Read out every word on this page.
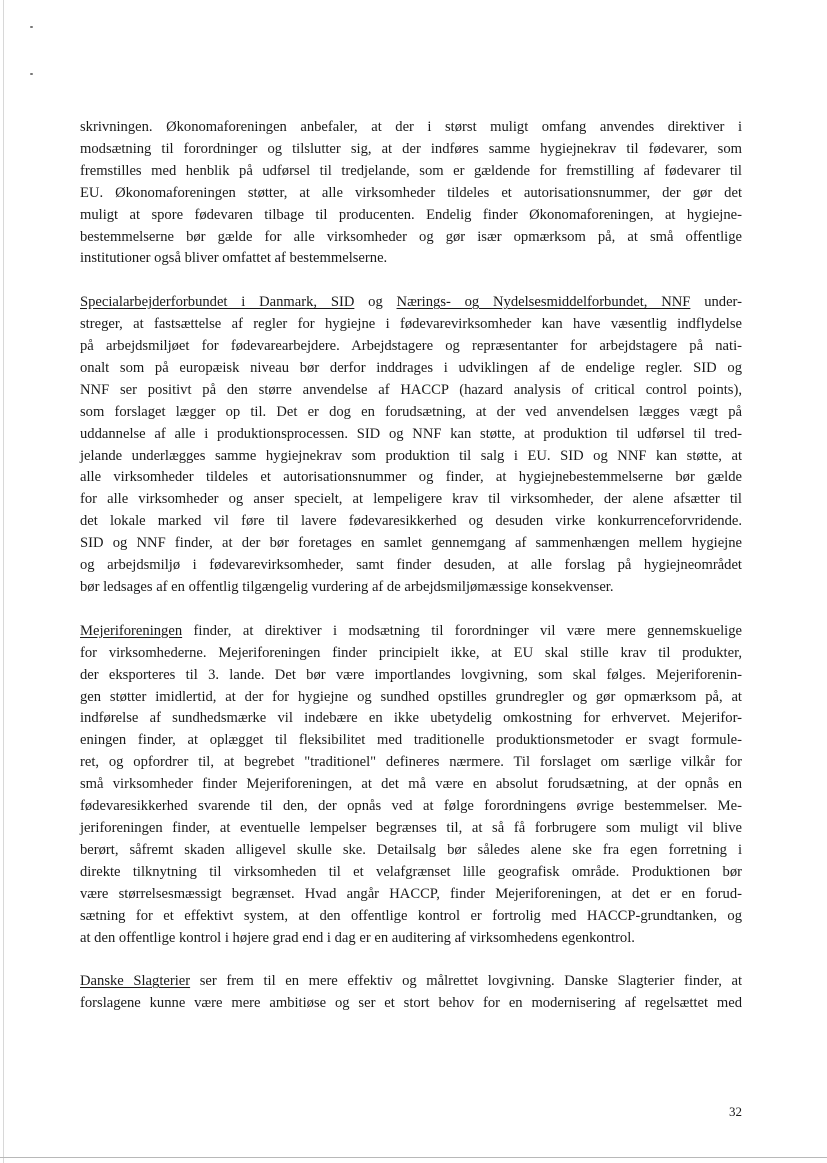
skrivningen. Økonomaforeningen anbefaler, at der i størst muligt omfang anvendes direktiver i
modsætning til forordninger og tilslutter sig, at der indføres samme hygiejnekrav til fødevarer, som
fremstilles med henblik på udførsel til tredjelande, som er gældende for fremstilling af fødevarer til
EU. Økonomaforeningen støtter, at alle virksomheder tildeles et autorisationsnummer, der gør det
muligt at spore fødevaren tilbage til producenten. Endelig finder Økonomaforeningen, at hygiejne-
bestemmelserne bør gælde for alle virksomheder og gør især opmærksom på, at små offentlige
institutioner også bliver omfattet af bestemmelserne.

Specialarbejderforbundet i Danmark, SID og Nærings- og Nydelsesmiddelforbundet, NNF under-
streger, at fastsættelse af regler for hygiejne i fødevarevirksomheder kan have væsentlig indflydelse
på arbejdsmiljøet for fødevarearbejdere. Arbejdstagere og repræsentanter for arbejdstagere på nati-
onalt som på europæisk niveau bør derfor inddrages i udviklingen af de endelige regler. SID og
NNF ser positivt på den større anvendelse af HACCP (hazard analysis of critical control points),
som forslaget lægger op til. Det er dog en forudsætning, at der ved anvendelsen lægges vægt på
uddannelse af alle i produktionsprocessen. SID og NNF kan støtte, at produktion til udførsel til tred-
jelande underlægges samme hygiejnekrav som produktion til salg i EU. SID og NNF kan støtte, at
alle virksomheder tildeles et autorisationsnummer og finder, at hygiejnebestemmelserne bør gælde
for alle virksomheder og anser specielt, at lempeligere krav til virksomheder, der alene afsætter til
det lokale marked vil føre til lavere fødevaresikkerhed og desuden virke konkurrenceforvridende.
SID og NNF finder, at der bør foretages en samlet gennemgang af sammenhængen mellem hygiejne
og arbejdsmiljø i fødevarevirksomheder, samt finder desuden, at alle forslag på hygiejneområdet
bør ledsages af en offentlig tilgængelig vurdering af de arbejdsmiljømæssige konsekvenser.

Mejeriforeningen finder, at direktiver i modsætning til forordninger vil være mere gennemskuelige
for virksomhederne. Mejeriforeningen finder principielt ikke, at EU skal stille krav til produkter,
der eksporteres til 3. lande. Det bør være importlandes lovgivning, som skal følges. Mejeriforenin-
gen støtter imidlertid, at der for hygiejne og sundhed opstilles grundregler og gør opmærksom på, at
indførelse af sundhedsmærke vil indebære en ikke ubetydelig omkostning for erhvervet. Mejerifor-
eningen finder, at oplægget til fleksibilitet med traditionelle produktionsmetoder er svagt formule-
ret, og opfordrer til, at begrebet "traditionel" defineres nærmere. Til forslaget om særlige vilkår for
små virksomheder finder Mejeriforeningen, at det må være en absolut forudsætning, at der opnås en
fødevaresikkerhed svarende til den, der opnås ved at følge forordningens øvrige bestemmelser. Me-
jeriforeningen finder, at eventuelle lempelser begrænses til, at så få forbrugere som muligt vil blive
berørt, såfremt skaden alligevel skulle ske. Detailsalg bør således alene ske fra egen forretning i
direkte tilknytning til virksomheden til et velafgrænset lille geografisk område. Produktionen bør
være størrelsesmæssigt begrænset. Hvad angår HACCP, finder Mejeriforeningen, at det er en forud-
sætning for et effektivt system, at den offentlige kontrol er fortrolig med HACCP-grundtanken, og
at den offentlige kontrol i højere grad end i dag er en auditering af virksomhedens egenkontrol.

Danske Slagterier ser frem til en mere effektiv og målrettet lovgivning. Danske Slagterier finder, at
forslagene kunne være mere ambitiøse og ser et stort behov for en modernisering af regelsættet med

32
